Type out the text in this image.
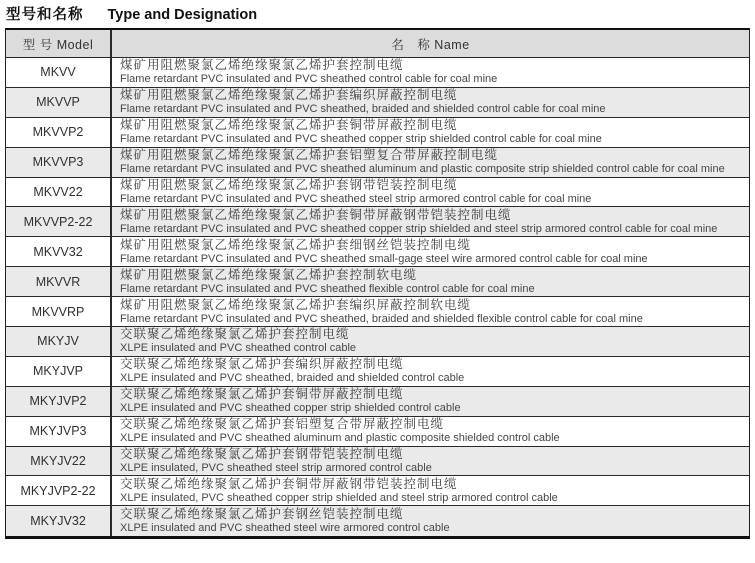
型号和名称 Type and Designation
型 号 Model	名　称 Name
MKVV	煤矿用阻燃聚氯乙烯绝缘聚氯乙烯护套控制电缆
Flame retardant PVC insulated and PVC sheathed control cable for coal mine
MKVVP	煤矿用阻燃聚氯乙烯绝缘聚氯乙烯护套编织屏蔽控制电缆
Flame retardant PVC insulated and PVC sheathed, braided and shielded control cable for coal mine
MKVVP2	煤矿用阻燃聚氯乙烯绝缘聚氯乙烯护套铜带屏蔽控制电缆
Flame retardant PVC insulated and PVC sheathed copper strip shielded control cable for coal mine
MKVVP3	煤矿用阻燃聚氯乙烯绝缘聚氯乙烯护套铝塑复合带屏蔽控制电缆
Flame retardant PVC insulated and PVC sheathed aluminum and plastic composite strip shielded control cable for coal mine
MKVV22	煤矿用阻燃聚氯乙烯绝缘聚氯乙烯护套钢带铠装控制电缆
Flame retardant PVC insulated and PVC sheathed steel strip armored control cable for coal mine
MKVVP2-22	煤矿用阻燃聚氯乙烯绝缘聚氯乙烯护套铜带屏蔽钢带铠装控制电缆
Flame retardant PVC insulated and PVC sheathed copper strip shielded and steel strip armored control cable for coal mine
MKVV32	煤矿用阻燃聚氯乙烯绝缘聚氯乙烯护套细钢丝铠装控制电缆
Flame retardant PVC insulated and PVC sheathed small-gage steel wire armored control cable for coal mine
MKVVR	煤矿用阻燃聚氯乙烯绝缘聚氯乙烯护套控制软电缆
Flame retardant PVC insulated and PVC sheathed flexible control cable for coal mine
MKVVRP	煤矿用阻燃聚氯乙烯绝缘聚氯乙烯护套编织屏蔽控制软电缆
Flame retardant PVC insulated and PVC sheathed, braided and shielded flexible control cable for coal mine
MKYJV	交联聚乙烯绝缘聚氯乙烯护套控制电缆
XLPE insulated and PVC sheathed control cable
MKYJVP	交联聚乙烯绝缘聚氯乙烯护套编织屏蔽控制电缆
XLPE insulated and PVC sheathed, braided and shielded control cable
MKYJVP2	交联聚乙烯绝缘聚氯乙烯护套铜带屏蔽控制电缆
XLPE insulated and PVC sheathed copper strip shielded control cable
MKYJVP3	交联聚乙烯绝缘聚氯乙烯护套铝塑复合带屏蔽控制电缆
XLPE insulated and PVC sheathed aluminum and plastic composite shielded control cable
MKYJV22	交联聚乙烯绝缘聚氯乙烯护套钢带铠装控制电缆
XLPE insulated, PVC sheathed steel strip armored control cable
MKYJVP2-22	交联聚乙烯绝缘聚氯乙烯护套铜带屏蔽钢带铠装控制电缆
XLPE insulated, PVC sheathed copper strip shielded and steel strip armored control cable
MKYJV32	交联聚乙烯绝缘聚氯乙烯护套钢丝铠装控制电缆
XLPE insulated and PVC sheathed steel wire armored control cable
